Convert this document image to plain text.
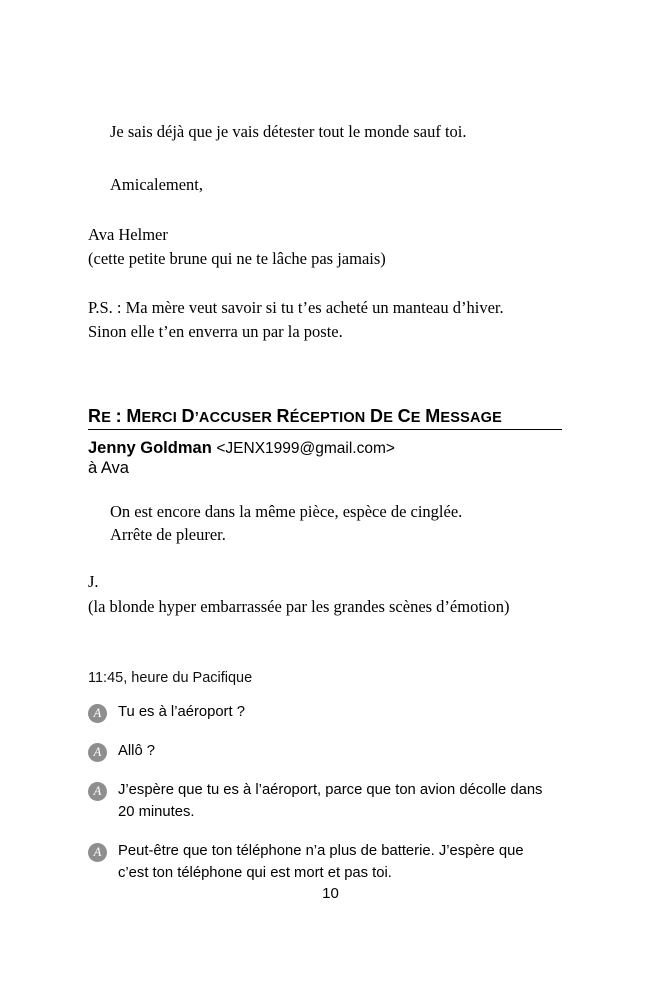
Je sais déjà que je vais détester tout le monde sauf toi.
Amicalement,
Ava Helmer
(cette petite brune qui ne te lâche pas jamais)
P.S. : Ma mère veut savoir si tu t’es acheté un manteau d’hiver.
Sinon elle t’en enverra un par la poste.
RE : MERCI D’ACCUSER RÉCEPTION DE CE MESSAGE
Jenny Goldman <JENX1999@gmail.com>
à Ava
On est encore dans la même pièce, espèce de cinglée.
Arrête de pleurer.
J.
(la blonde hyper embarrassée par les grandes scènes d’émotion)
11:45, heure du Pacifique
A	Tu es à l’aéroport ?
A	Allô ?
A	J’espère que tu es à l’aéroport, parce que ton avion décolle dans 20 minutes.
A	Peut-être que ton téléphone n’a plus de batterie. J’espère que c’est ton téléphone qui est mort et pas toi.
10
